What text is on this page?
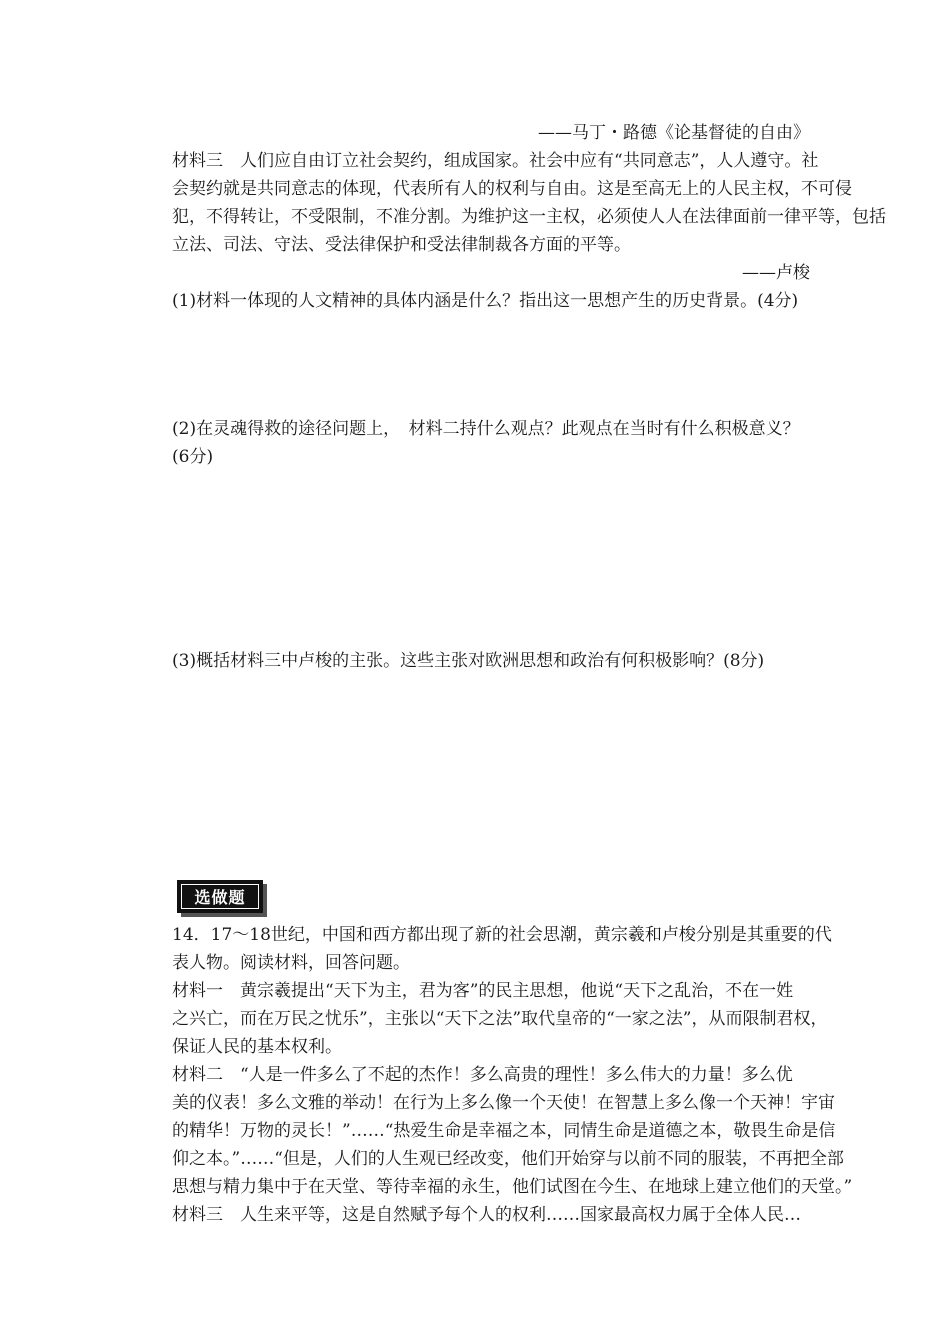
——马丁・路德《论基督徒的自由》
材料三　人们应自由订立社会契约，组成国家。社会中应有“共同意志”，人人遵守。社
会契约就是共同意志的体现，代表所有人的权利与自由。这是至高无上的人民主权，不可侵
犯，不得转让，不受限制，不准分割。为维护这一主权，必须使人人在法律面前一律平等，包括
立法、司法、守法、受法律保护和受法律制裁各方面的平等。
——卢梭
(1)材料一体现的人文精神的具体内涵是什么？指出这一思想产生的历史背景。(4分)
(2)在灵魂得救的途径问题上，　材料二持什么观点？此观点在当时有什么积极意义？
(6分)
(3)概括材料三中卢梭的主张。这些主张对欧洲思想和政治有何积极影响？(8分)
选做题
14．17～18世纪，中国和西方都出现了新的社会思潮，黄宗羲和卢梭分别是其重要的代
表人物。阅读材料，回答问题。
材料一　黄宗羲提出“天下为主，君为客”的民主思想，他说“天下之乱治，不在一姓
之兴亡，而在万民之忧乐”，主张以“天下之法”取代皇帝的“一家之法”，从而限制君权，
保证人民的基本权利。
材料二　“人是一件多么了不起的杰作！多么高贵的理性！多么伟大的力量！多么优
美的仪表！多么文雅的举动！在行为上多么像一个天使！在智慧上多么像一个天神！宇宙
的精华！万物的灵长！”……“热爱生命是幸福之本，同情生命是道德之本，敬畏生命是信
仰之本。”……“但是，人们的人生观已经改变，他们开始穿与以前不同的服装，不再把全部
思想与精力集中于在天堂、等待幸福的永生，他们试图在今生、在地球上建立他们的天堂。”
材料三　人生来平等，这是自然赋予每个人的权利……国家最高权力属于全体人民…
